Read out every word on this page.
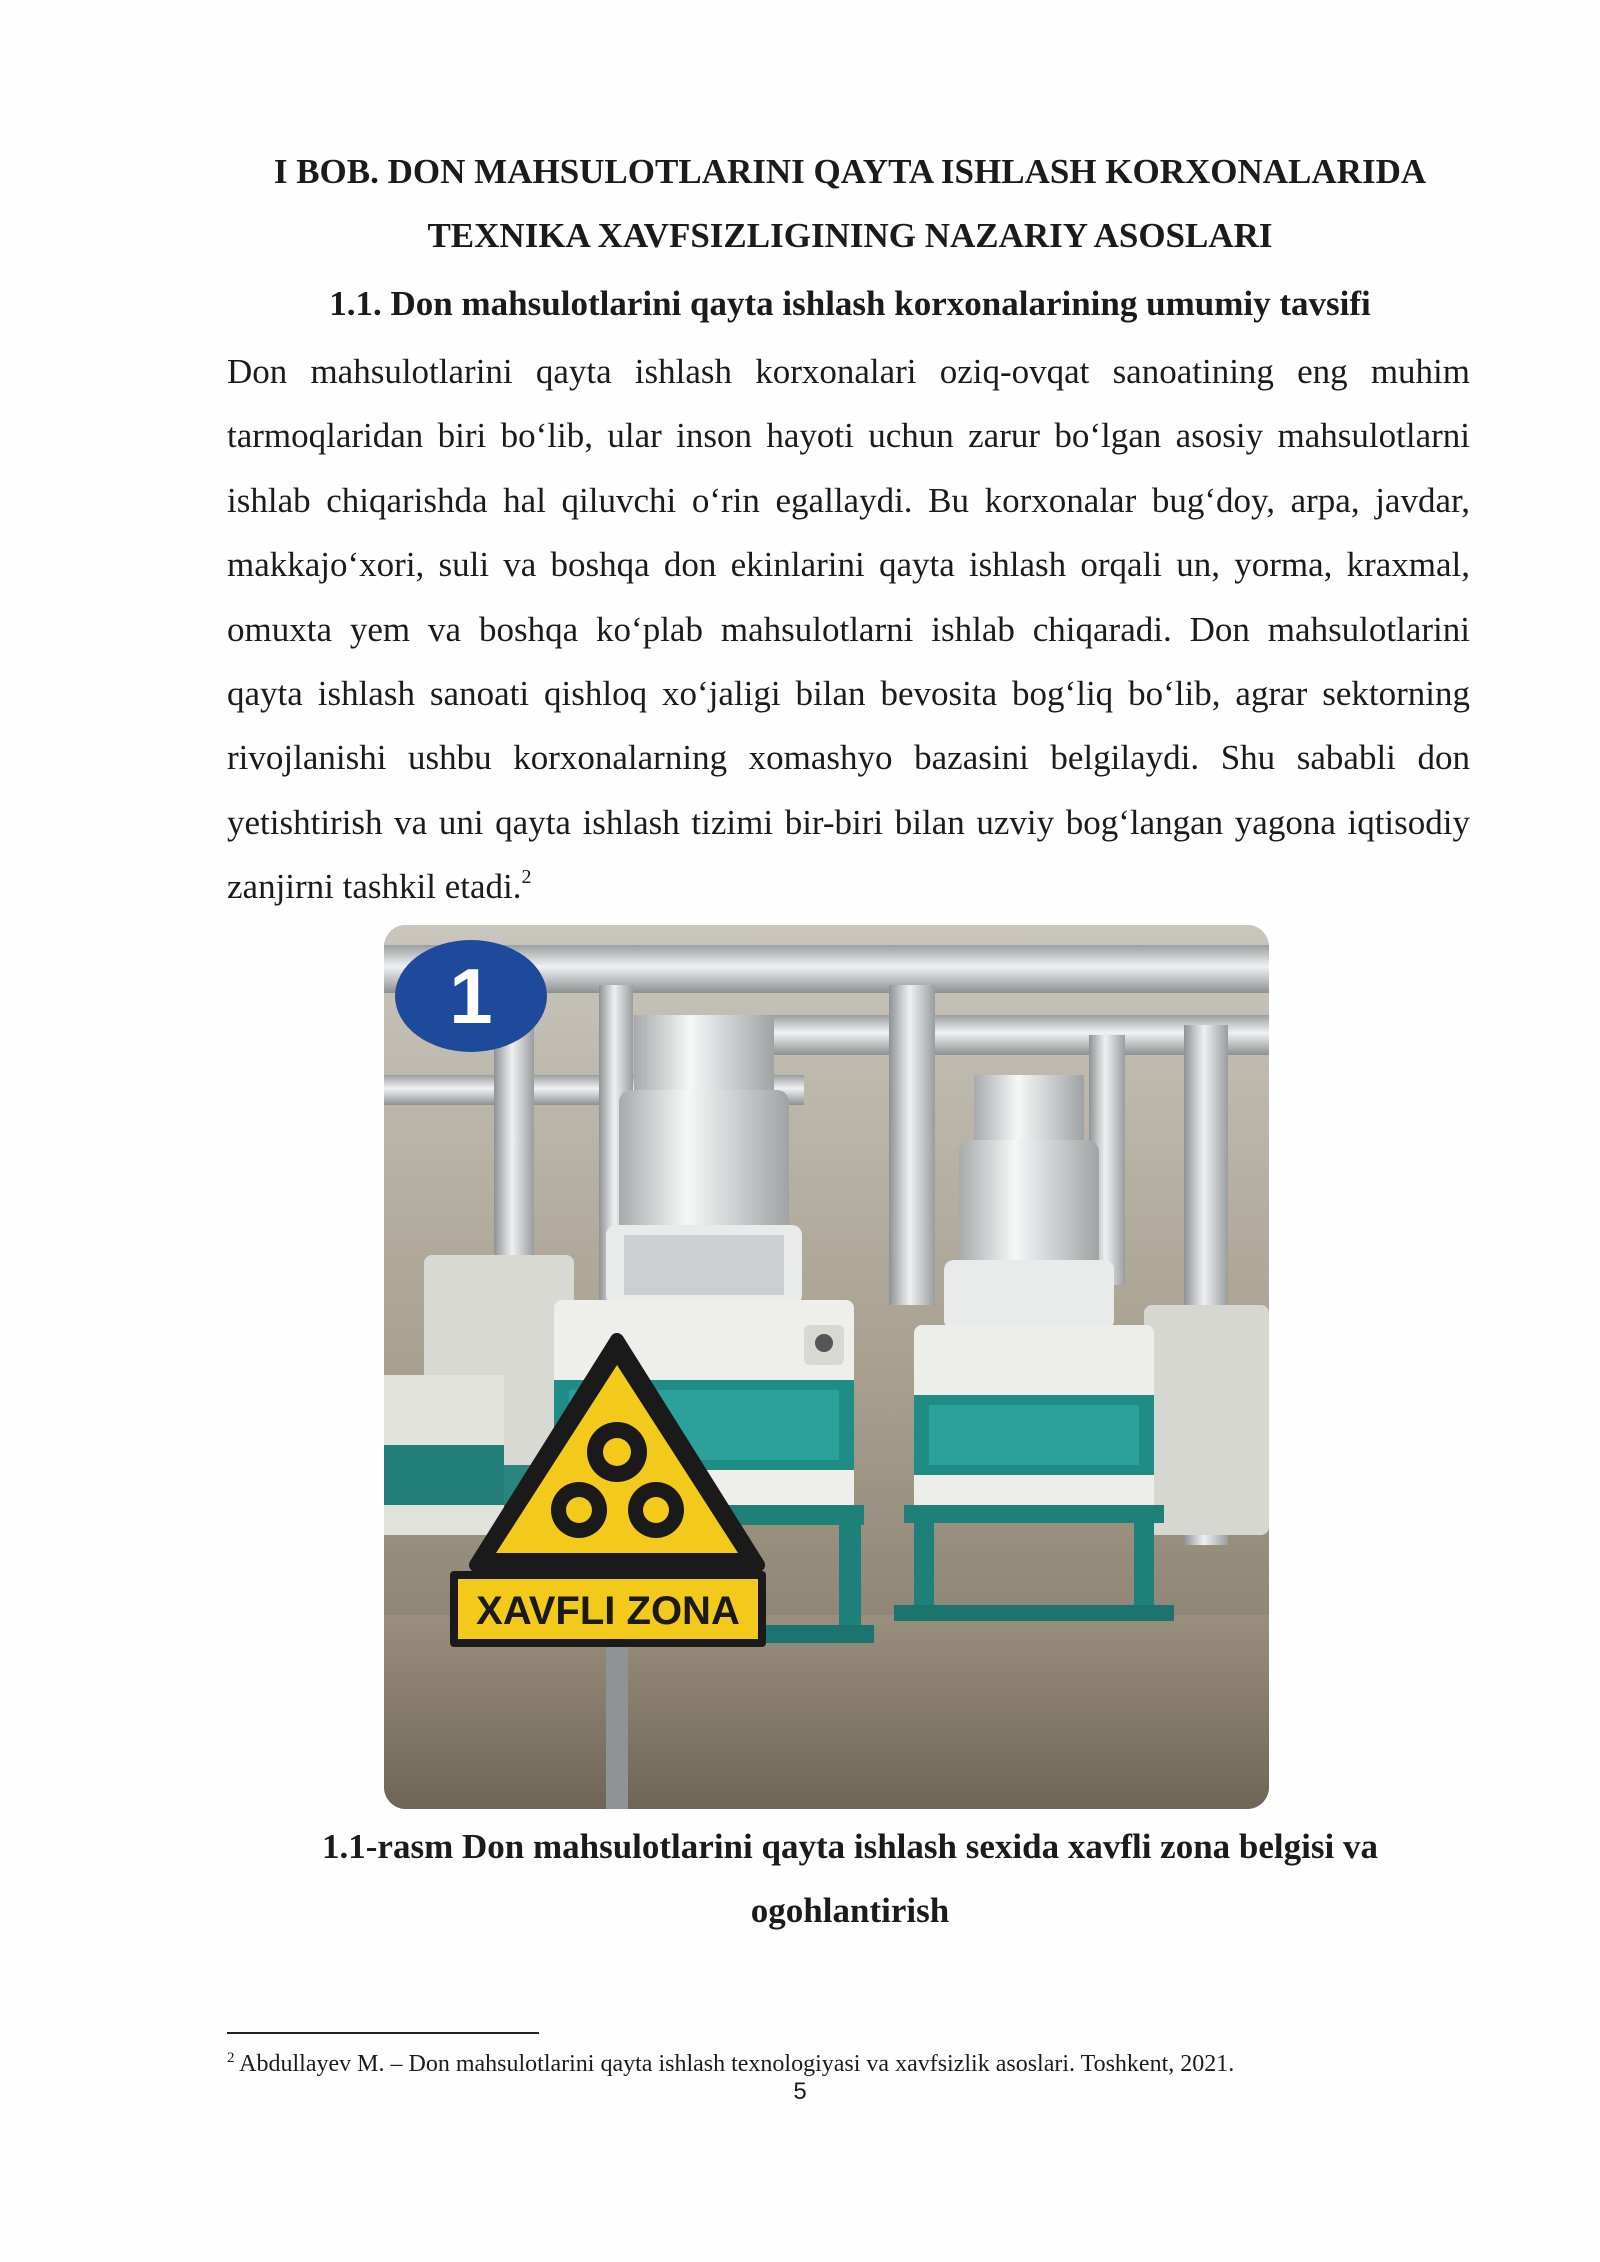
I BOB. DON MAHSULOTLARINI QAYTA ISHLASH KORXONALARIDA
TEXNIKA XAVFSIZLIGINING NAZARIY ASOSLARI
1.1. Don mahsulotlarini qayta ishlash korxonalarining umumiy tavsifi

Don mahsulotlarini qayta ishlash korxonalari oziq-ovqat sanoatining eng muhim tarmoqlaridan biri bo‘lib, ular inson hayoti uchun zarur bo‘lgan asosiy mahsulotlarni ishlab chiqarishda hal qiluvchi o‘rin egallaydi. Bu korxonalar bug‘doy, arpa, javdar, makkajo‘xori, suli va boshqa don ekinlarini qayta ishlash orqali un, yorma, kraxmal, omuxta yem va boshqa ko‘plab mahsulotlarni ishlab chiqaradi. Don mahsulotlarini qayta ishlash sanoati qishloq xo‘jaligi bilan bevosita bog‘liq bo‘lib, agrar sektorning rivojlanishi ushbu korxonalarning xomashyo bazasini belgilaydi. Shu sababli don yetishtirish va uni qayta ishlash tizimi bir-biri bilan uzviy bog‘langan yagona iqtisodiy zanjirni tashkil etadi.$^2$

1
XAVFLI ZONA
1.1-rasm Don mahsulotlarini qayta ishlash sexida xavfli zona belgisi va
ogohlantirish
$^2$ Abdullayev M. – Don mahsulotlarini qayta ishlash texnologiyasi va xavfsizlik asoslari. Toshkent, 2021.
5
